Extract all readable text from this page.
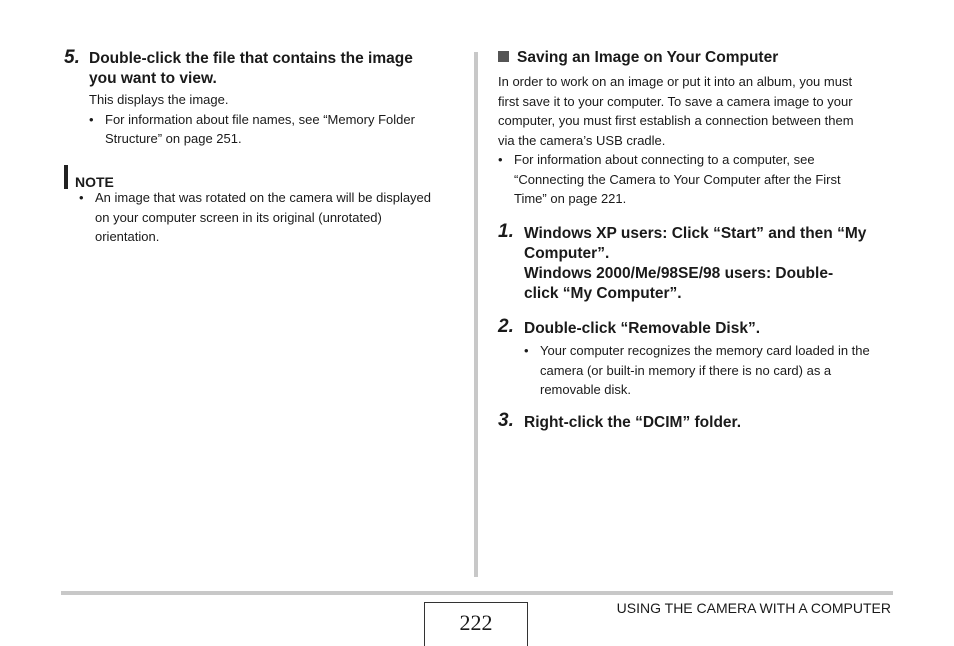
5. Double-click the file that contains the image

you want to view.

This displays the image.

• For information about file names, see “Memory Folder
Structure” on page 251.
NOTE
• An image that was rotated on the camera will be displayed
on your computer screen in its original (unrotated)
orientation.

Saving an Image on Your Computer

In order to work on an image or put it into an album, you must

first save it to your computer. To save a camera image to your

computer, you must first establish a connection between them

via the camera’s USB cradle.

• For information about connecting to a computer, see
“Connecting the Camera to Your Computer after the First
Time” on page 221.
1. Windows XP users: Click “Start” and then “My

Computer”.

Windows 2000/Me/98SE/98 users: Double-

click “My Computer”.

2. Double-click “Removable Disk”.

• Your computer recognizes the memory card loaded in the
camera (or built-in memory if there is no card) as a
removable disk.
3. Right-click the “DCIM” folder.

222
USING THE CAMERA WITH A COMPUTER
